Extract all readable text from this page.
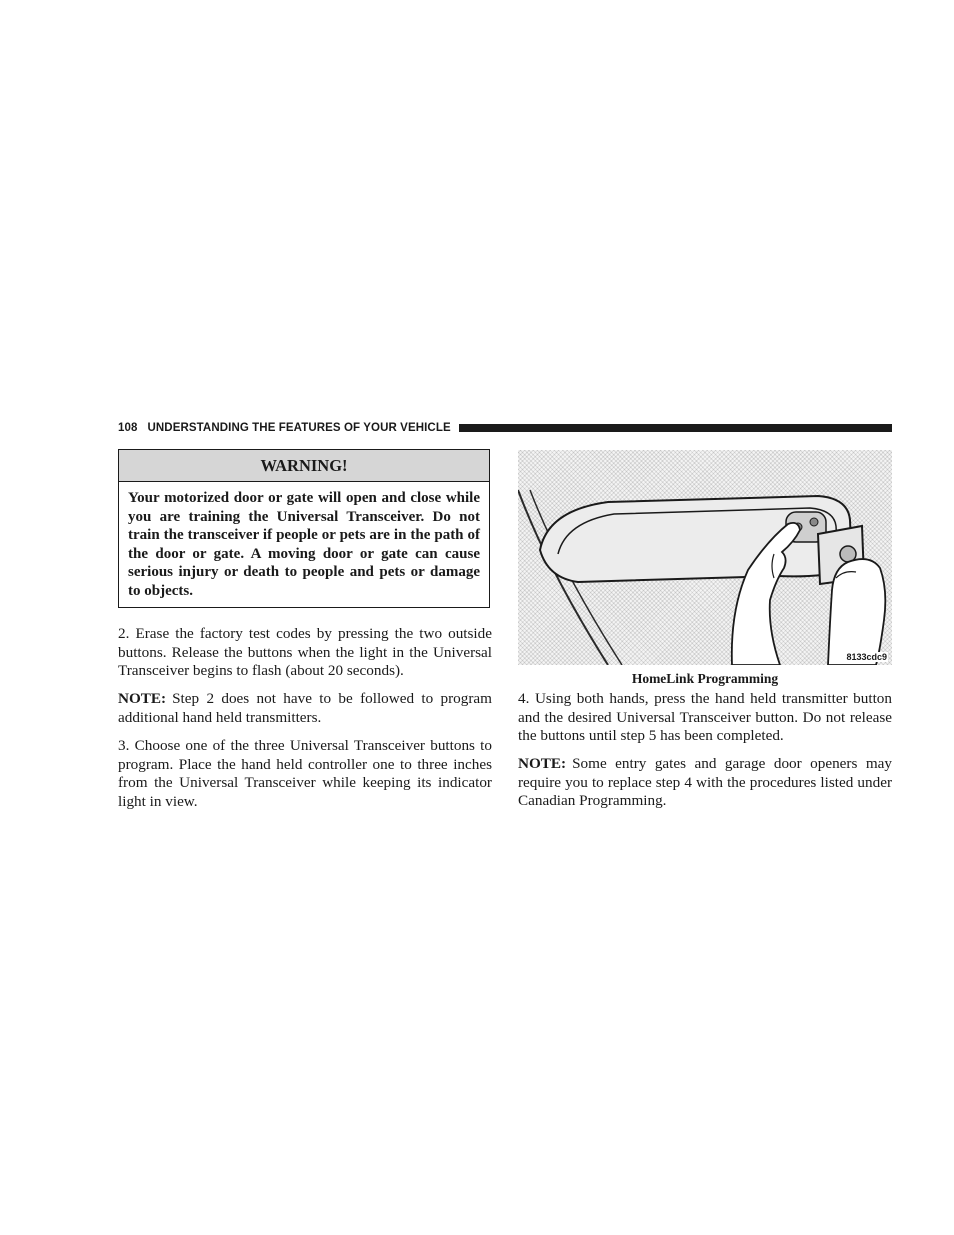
108 UNDERSTANDING THE FEATURES OF YOUR VEHICLE
WARNING!
Your motorized door or gate will open and close while you are training the Universal Transceiver. Do not train the transceiver if people or pets are in the path of the door or gate. A moving door or gate can cause serious injury or death to people and pets or damage to objects.

2. Erase the factory test codes by pressing the two outside buttons. Release the buttons when the light in the Universal Transceiver begins to flash (about 20 seconds).

NOTE: Step 2 does not have to be followed to program additional hand held transmitters.

3. Choose one of the three Universal Transceiver buttons to program. Place the hand held controller one to three inches from the Universal Transceiver while keeping its indicator light in view.

8133cdc9
HomeLink Programming

4. Using both hands, press the hand held transmitter button and the desired Universal Transceiver button. Do not release the buttons until step 5 has been completed.

NOTE: Some entry gates and garage door openers may require you to replace step 4 with the procedures listed under Canadian Programming.
